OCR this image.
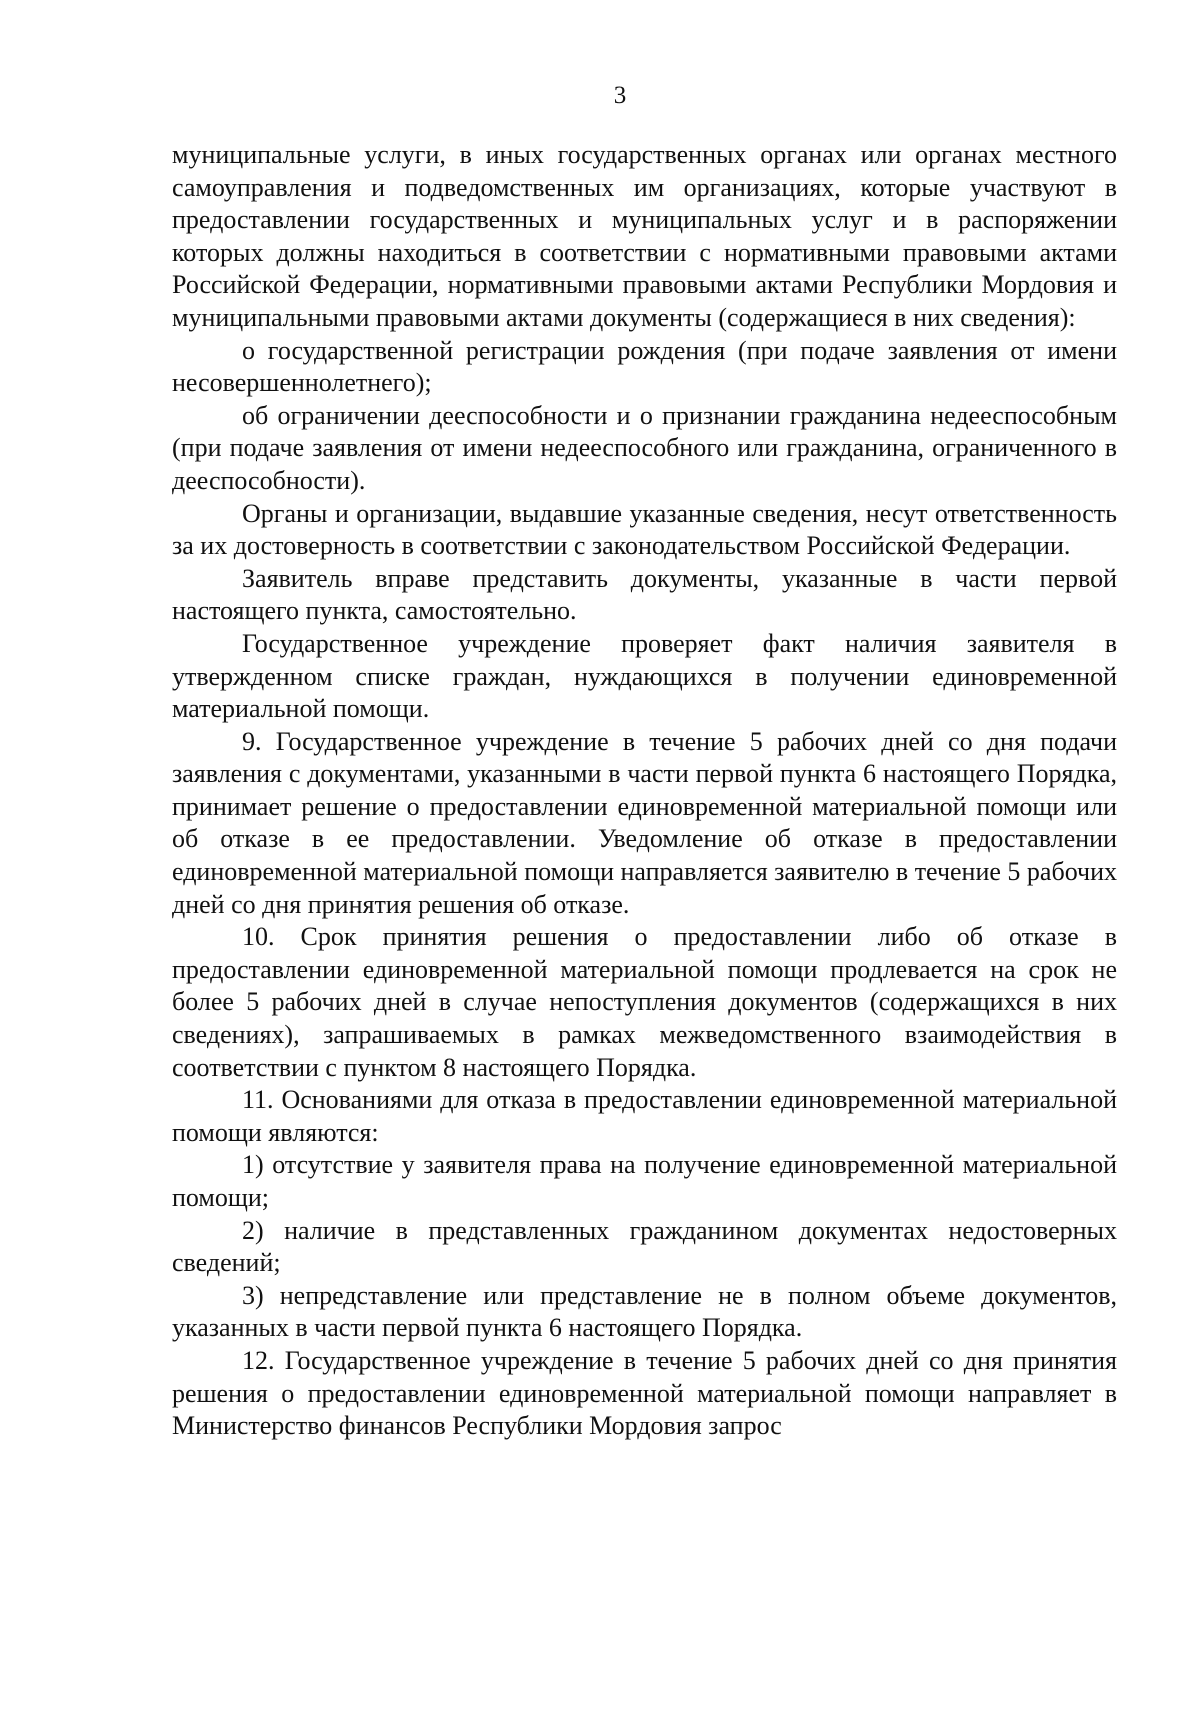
3

муниципальные услуги, в иных государственных органах или органах местного самоуправления и подведомственных им организациях, которые участвуют в предоставлении государственных и муниципальных услуг и в распоряжении которых должны находиться в соответствии с нормативными правовыми актами Российской Федерации, нормативными правовыми актами Республики Мордовия и муниципальными правовыми актами документы (содержащиеся в них сведения):

о государственной регистрации рождения (при подаче заявления от имени несовершеннолетнего);

об ограничении дееспособности и о признании гражданина недееспособным (при подаче заявления от имени недееспособного или гражданина, ограниченного в дееспособности).

Органы и организации, выдавшие указанные сведения, несут ответственность за их достоверность в соответствии с законодательством Российской Федерации.

Заявитель вправе представить документы, указанные в части первой настоящего пункта, самостоятельно.

Государственное учреждение проверяет факт наличия заявителя в утвержденном списке граждан, нуждающихся в получении единовременной материальной помощи.

9. Государственное учреждение в течение 5 рабочих дней со дня подачи заявления с документами, указанными в части первой пункта 6 настоящего Порядка, принимает решение о предоставлении единовременной материальной помощи или об отказе в ее предоставлении. Уведомление об отказе в предоставлении единовременной материальной помощи направляется заявителю в течение 5 рабочих дней со дня принятия решения об отказе.

10. Срок принятия решения о предоставлении либо об отказе в предоставлении единовременной материальной помощи продлевается на срок не более 5 рабочих дней в случае непоступления документов (содержащихся в них сведениях), запрашиваемых в рамках межведомственного взаимодействия в соответствии с пунктом 8 настоящего Порядка.

11. Основаниями для отказа в предоставлении единовременной материальной помощи являются:

1) отсутствие у заявителя права на получение единовременной материальной помощи;

2) наличие в представленных гражданином документах недостоверных сведений;

3) непредставление или представление не в полном объеме документов, указанных в части первой пункта 6 настоящего Порядка.

12. Государственное учреждение в течение 5 рабочих дней со дня принятия решения о предоставлении единовременной материальной помощи направляет в Министерство финансов Республики Мордовия запрос
